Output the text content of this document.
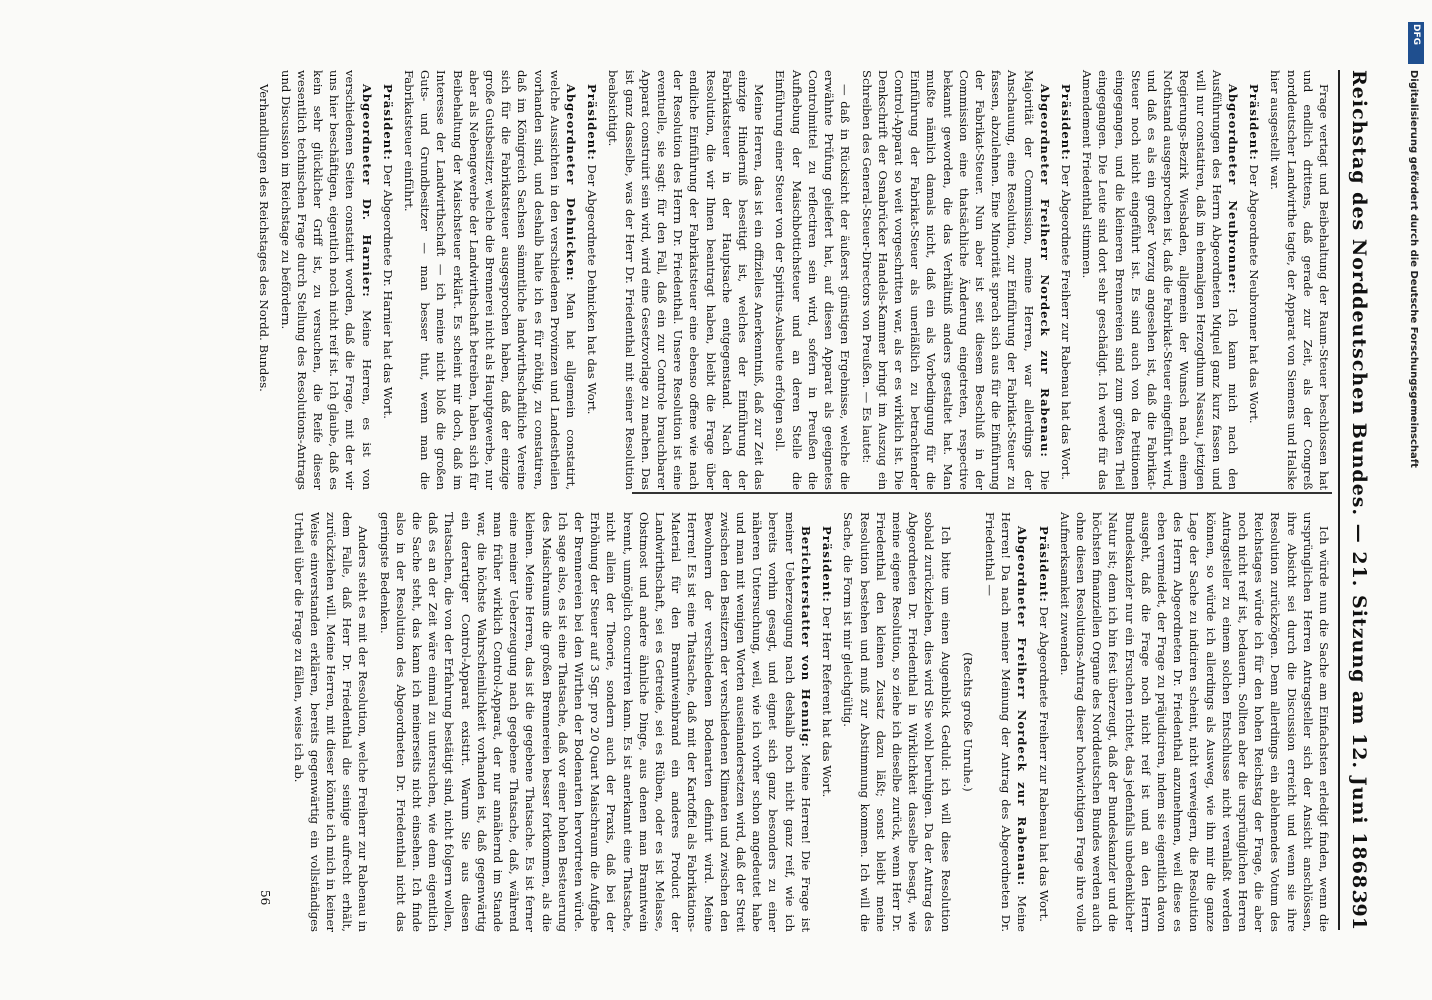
Reichstag des Norddeutschen Bundes. — 21. Sitzung am 12. Juni 1868.
391

Frage vertagt und Beibehaltung der Raum-Steuer beschlossen hat und endlich drittens, daß gerade zur Zeit, als der Congreß norddeutscher Landwirthe tagte, der Apparat von Siemens und Halske hier ausgestellt war.

Präsident: Der Abgeordnete Neubronner hat das Wort.

Abgeordneter Neubronner: Ich kann mich nach den Ausführungen des Herrn Abgeordneten Miquel ganz kurz fassen und will nur constatiren, daß im ehemaligen Herzogthum Nassau, jetzigen Regierungs-Bezirk Wiesbaden, allgemein der Wunsch nach einem Nothstand ausgesprochen ist, daß die Fabrikat-Steuer eingeführt wird, und daß es als ein großer Vorzug angesehen ist, daß die Fabrikat-Steuer noch nicht eingeführt ist. Es sind auch von da Petitionen eingegangen, und die kleineren Brennereien sind zum größten Theil eingegangen. Die Leute sind dort sehr geschädigt. Ich werde für das Amendement Friedenthal stimmen.

Präsident: Der Abgeordnete Freiherr zur Rabenau hat das Wort.

Abgeordneter Freiherr Nordeck zur Rabenau: Die Majorität der Commission, meine Herren, war allerdings der Anschauung, eine Resolution, zur Einführung der Fabrikat-Steuer zu fassen, abzulehnen. Eine Minorität sprach sich aus für die Einführung der Fabrikat-Steuer. Nun aber ist seit diesem Beschluß in der Commission eine thatsächliche Änderung eingetreten, respective bekannt geworden, die das Verhältniß anders gestaltet hat. Man mußte nämlich damals nicht, daß ein als Vorbedingung für die Einführung der Fabrikat-Steuer als unerläßlich zu betrachtender Control-Apparat so weit vorgeschritten war, als er es wirklich ist. Die Denkschrift der Osnabrücker Handels-Kammer bringt im Auszug ein Schreiben des General-Steuer-Directors von Preußen. — Es lautet:

— daß in Rücksicht der äußerst günstigen Ergebnisse, welche die erwähnte Prüfung geliefert hat, auf diesen Apparat als geeignetes Controlmittel zu reflectiren sein wird, sofern in Preußen die Aufhebung der Maischbottichsteuer und an deren Stelle die Einführung einer Steuer von der Spiritus-Ausbeute erfolgen soll.

Meine Herren, das ist ein offizielles Anerkenntniß, daß zur Zeit das einzige Hinderniß beseitigt ist, welches der Einführung der Fabrikatsteuer in der Hauptsache entgegenstand. Nach der Resolution, die wir Ihnen beantragt haben, bleibt die Frage über endliche Einführung der Fabrikatsteuer eine ebenso offene wie nach der Resolution des Herrn Dr. Friedenthal. Unsere Resolution ist eine eventuelle, sie sagt: für den Fall, daß ein zur Controle brauchbarer Apparat construirt sein wird, wird eine Gesetzvorlage zu machen. Das ist ganz dasselbe, was der Herr Dr. Friedenthal mit seiner Resolution beabsichtigt.

Präsident: Der Abgeordnete Dehnicken hat das Wort.

Abgeordneter Dehnicken: Man hat allgemein constatirt, welche Aussichten in den verschiedenen Provinzen und Landestheilen vorhanden sind, und deshalb halte ich es für nöthig, zu constatiren, daß im Königreich Sachsen sämmtliche landwirthschaftliche Vereine sich für die Fabrikatsteuer ausgesprochen haben, daß der einzige große Gutsbesitzer, welche die Brennerei nicht als Hauptgewerbe, nur aber als Nebengewerbe der Landwirthschaft betreiben, haben sich für Beibehaltung der Maischsteuer erklärt. Es scheint mir doch, daß im Interesse der Landwirthschaft — ich meine nicht bloß die großen Guts- und Grundbesitzer — man besser thut, wenn man die Fabrikatsteuer einführt.

Präsident: Der Abgeordnete Dr. Harnier hat das Wort.

Abgeordneter Dr. Harnier: Meine Herren, es ist von verschiedenen Seiten constatirt worden, daß die Frage, mit der wir uns hier beschäftigen, eigentlich noch nicht reif ist. Ich glaube, daß es kein sehr glücklicher Griff ist, zu versuchen, die Reife dieser wesentlich technischen Frage durch Stellung des Resolutions-Antrags und Discussion im Reichstage zu befördern.

Verhandlungen des Reichstages des Nordd. Bundes.

Ich würde nun die Sache am Einfachsten erledigt finden, wenn die ursprünglichen Herren Antragsteller sich der Ansicht anschlössen, ihre Absicht sei durch die Discussion erreicht und wenn sie ihre Resolution zurückzögen. Denn allerdings ein ablehnendes Votum des Reichstages würde ich für den hohen Reichstag der Frage, die aber noch nicht reif ist, bedauern. Sollten aber die ursprünglichen Herren Antragsteller zu einem solchen Entschlusse nicht veranlaßt werden können, so würde ich allerdings als Ausweg, wie ihn mir die ganze Lage der Sache zu indiciren scheint, nicht verweigern, die Resolution des Herrn Abgeordneten Dr. Friedenthal anzunehmen, weil diese es eben vermeidet, der Frage zu präjudiciren, indem sie eigentlich davon ausgeht, daß die Frage noch nicht reif ist und an den Herrn Bundeskanzler nur ein Ersuchen richtet, das jedenfalls unbedenklicher Natur ist; denn ich bin fest überzeugt, daß der Bundeskanzler und die höchsten finanziellen Organe des Norddeutschen Bundes werden auch ohne diesen Resolutions-Antrag dieser hochwichtigen Frage ihre volle Aufmerksamkeit zuwenden.

Präsident: Der Abgeordnete Freiherr zur Rabenau hat das Wort.

Abgeordneter Freiherr Nordeck zur Rabenau: Meine Herren! Da nach meiner Meinung der Antrag des Abgeordneten Dr. Friedenthal —

(Rechts große Unruhe.)

Ich bitte um einen Augenblick Geduld: ich will diese Resolution sobald zurückziehen, dies wird Sie wohl beruhigen. Da der Antrag des Abgeordneten Dr. Friedenthal in Wirklichkeit dasselbe besagt, wie meine eigene Resolution, so ziehe ich dieselbe zurück, wenn Herr Dr. Friedenthal den kleinen Zusatz dazu läßt; sonst bleibt meine Resolution bestehen und muß zur Abstimmung kommen. Ich will die Sache, die Form ist mir gleichgültig.

Präsident: Der Herr Referent hat das Wort.

Berichterstatter von Hennig: Meine Herren! Die Frage ist meiner Ueberzeugung nach deshalb noch nicht ganz reif, wie ich bereits vorhin gesagt, und eignet sich ganz besonders zu einer näheren Untersuchung, weil, wie ich vorher schon angedeutet habe und man mit wenigen Worten auseinandersetzen wird, daß der Streit zwischen den Besitzern der verschiedenen Klimaten und zwischen den Bewohnern der verschiedenen Bodenarten definirt wird. Meine Herren! Es ist eine Thatsache, daß mit der Kartoffel als Fabrikations-Material für den Branntweinbrand ein anderes Product der Landwirthschaft, sei es Getreide, sei es Rüben, oder es ist Melasse, Obstmost und andere ähnliche Dinge, aus denen man Branntwein brennt, unmöglich concurriren kann. Es ist anerkannt eine Thatsache, nicht allein der Theorie, sondern auch der Praxis, daß bei der Erhöhung der Steuer auf 3 Sgr. pro 20 Quart Maischraum die Aufgabe der Brennereien bei den Wirthen der Bodenarten hervortreten würde. Ich sage also, es ist eine Thatsache, daß vor einer hohen Besteuerung des Maischraums die großen Brennereien besser fortkommen, als die kleinen. Meine Herren, das ist die gegebene Thatsache. Es ist ferner eine meiner Ueberzeugung nach gegebene Thatsache, daß, während man früher wirklich Control-Apparat, der nur annähernd im Stande war, die höchste Wahrscheinlichkeit vorhanden ist, daß gegenwärtig ein derartiger Control-Apparat existirt. Warum Sie aus diesen Thatsachen, die von der Erfahrung bestätigt sind, nicht folgern wollen, daß es an der Zeit wäre einmal zu untersuchen, wie denn eigentlich die Sache steht, das kann ich meinerseits nicht einsehen. Ich finde also in der Resolution des Abgeordneten Dr. Friedenthal nicht das geringste Bedenken.

Anders steht es mit der Resolution, welche Freiherr zur Rabenau in dem Falle, daß Herr Dr. Friedenthal die seinige aufrecht erhält, zurückziehen will. Meine Herren, mit dieser könnte ich mich in keiner Weise einverstanden erklären, bereits gegenwärtig ein vollständiges Urtheil über die Frage zu fällen, weise ich ab.

56
Digitalisierung gefördert durch die Deutsche Forschungsgemeinschaft
DFG
